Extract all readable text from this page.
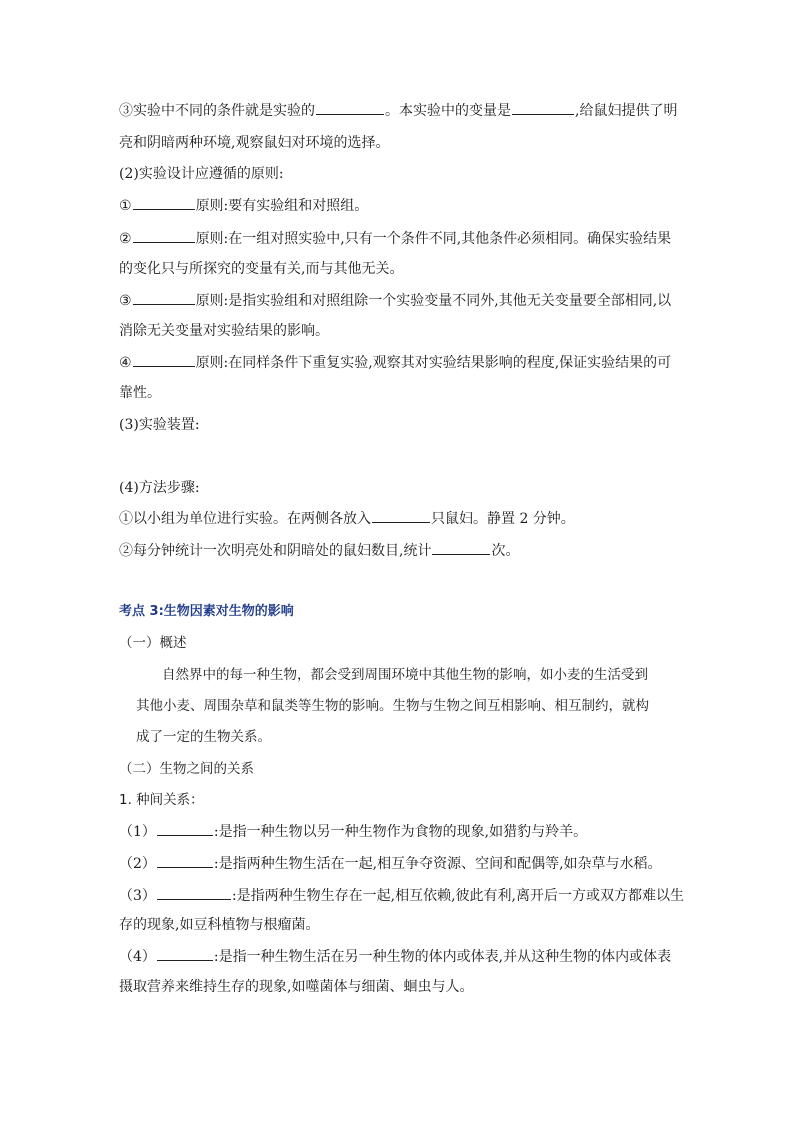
③实验中不同的条件就是实验的	。本实验中的变量是	,给鼠妇提供了明

亮和阴暗两种环境,观察鼠妇对环境的选择。

(2)实验设计应遵循的原则:

①	原则:要有实验组和对照组。

②	原则:在一组对照实验中,只有一个条件不同,其他条件必须相同。确保实验结果

的变化只与所探究的变量有关,而与其他无关。

③	原则:是指实验组和对照组除一个实验变量不同外,其他无关变量要全部相同,以

消除无关变量对实验结果的影响。

④	原则:在同样条件下重复实验,观察其对实验结果影响的程度,保证实验结果的可

靠性。

(3)实验装置:

(4)方法步骤:

①以小组为单位进行实验。在两侧各放入	只鼠妇。静置 2 分钟。

②每分钟统计一次明亮处和阴暗处的鼠妇数目,统计	次。

考点 3:生物因素对生物的影响

（一）概述

自然界中的每一种生物，都会受到周围环境中其他生物的影响，如小麦的生活受到

其他小麦、周围杂草和鼠类等生物的影响。生物与生物之间互相影响、相互制约，就构

成了一定的生物关系。

（二）生物之间的关系

1. 种间关系：

（1）	:是指一种生物以另一种生物作为食物的现象,如猎豹与羚羊。

（2）	:是指两种生物生活在一起,相互争夺资源、空间和配偶等,如杂草与水稻。

（3）	:是指两种生物生存在一起,相互依赖,彼此有利,离开后一方或双方都难以生

存的现象,如豆科植物与根瘤菌。

（4）	:是指一种生物生活在另一种生物的体内或体表,并从这种生物的体内或体表

摄取营养来维持生存的现象,如噬菌体与细菌、蛔虫与人。
